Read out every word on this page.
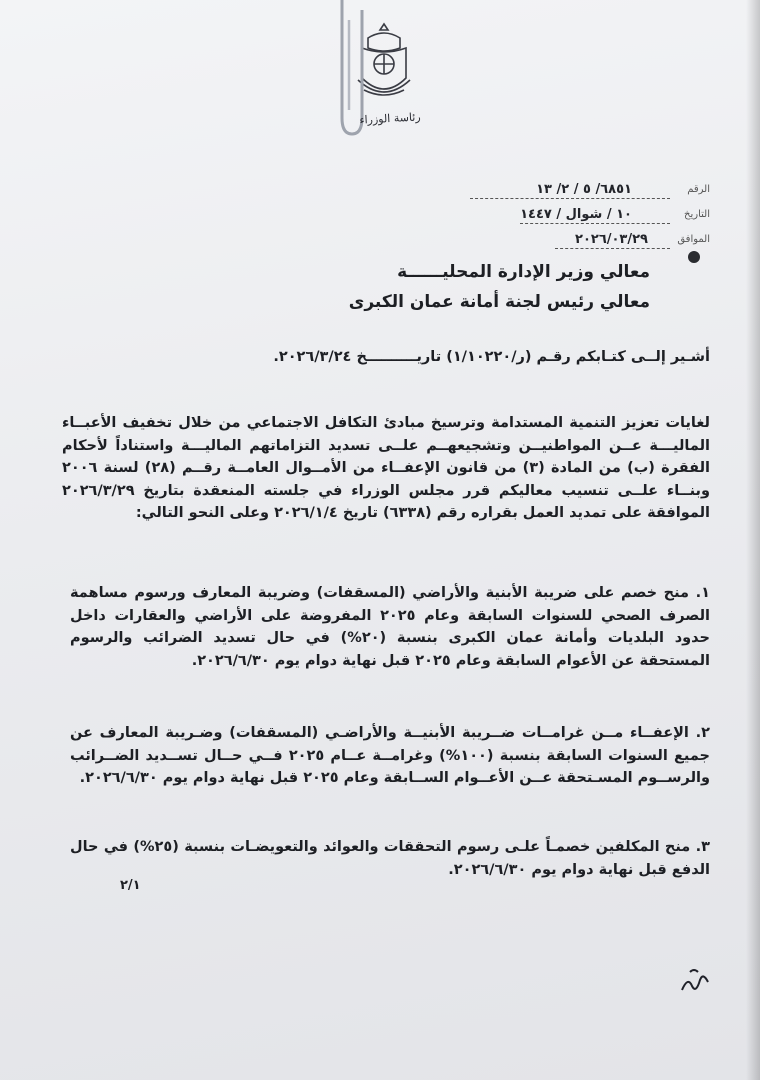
رئاسة الوزراء
الرقم
التاريخ
الموافق
٦٨٥١/ ٥ / ٢/ ١٣
١٠ / شوال / ١٤٤٧
٢٠٢٦/٠٣/٢٩
معالي وزير الإدارة المحليــــــة
معالي رئيس لجنة أمانة عمان الكبرى
أشـير إلــى كتـابكم رقـم (ر/١/١٠٢٢٠) تاريــــــــــخ ٢٠٢٦/٣/٢٤.
لغايات تعزيز التنمية المستدامة وترسيخ مبادئ التكافل الاجتماعي من خلال تخفيف الأعبــاء الماليـــة عــن المواطنيــن وتشجيعهــم علــى تسديد التزاماتهم الماليـــة واستناداً لأحكام الفقرة (ب) من المادة (٣) من قانون الإعفــاء من الأمــوال العامــة رقــم (٢٨) لسنة ٢٠٠٦ وبنــاء علــى تنسيب معاليكم قرر مجلس الوزراء في جلسته المنعقدة بتاريخ ٢٠٢٦/٣/٢٩ الموافقة على تمديد العمل بقراره رقم (٦٣٣٨) تاريخ ٢٠٢٦/١/٤ وعلى النحو التالي:
١. منح خصم على ضريبة الأبنية والأراضي (المسقفات) وضريبة المعارف ورسوم مساهمة الصرف الصحي للسنوات السابقة وعام ٢٠٢٥ المفروضة على الأراضي والعقارات داخل حدود البلديات وأمانة عمان الكبرى بنسبة (٢٠%) في حال تسديد الضرائب والرسوم المستحقة عن الأعوام السابقة وعام ٢٠٢٥ قبل نهاية دوام يوم ٢٠٢٦/٦/٣٠.
٢. الإعفــاء مــن غرامــات ضــريبة الأبنيــة والأراضـي (المسقفات) وضـريبة المعارف عن جميع السنوات السابقة بنسبة (١٠٠%) وغرامــة عــام ٢٠٢٥ فــي حــال تســديد الضــرائب والرســوم المسـتحقة عــن الأعــوام الســابقة وعام ٢٠٢٥ قبل نهاية دوام يوم ٢٠٢٦/٦/٣٠.
٣. منح المكلفين خصمـاً علـى رسوم التحققات والعوائد والتعويضـات بنسبة (٢٥%) في حال الدفع قبل نهاية دوام يوم ٢٠٢٦/٦/٣٠.
٢/١
